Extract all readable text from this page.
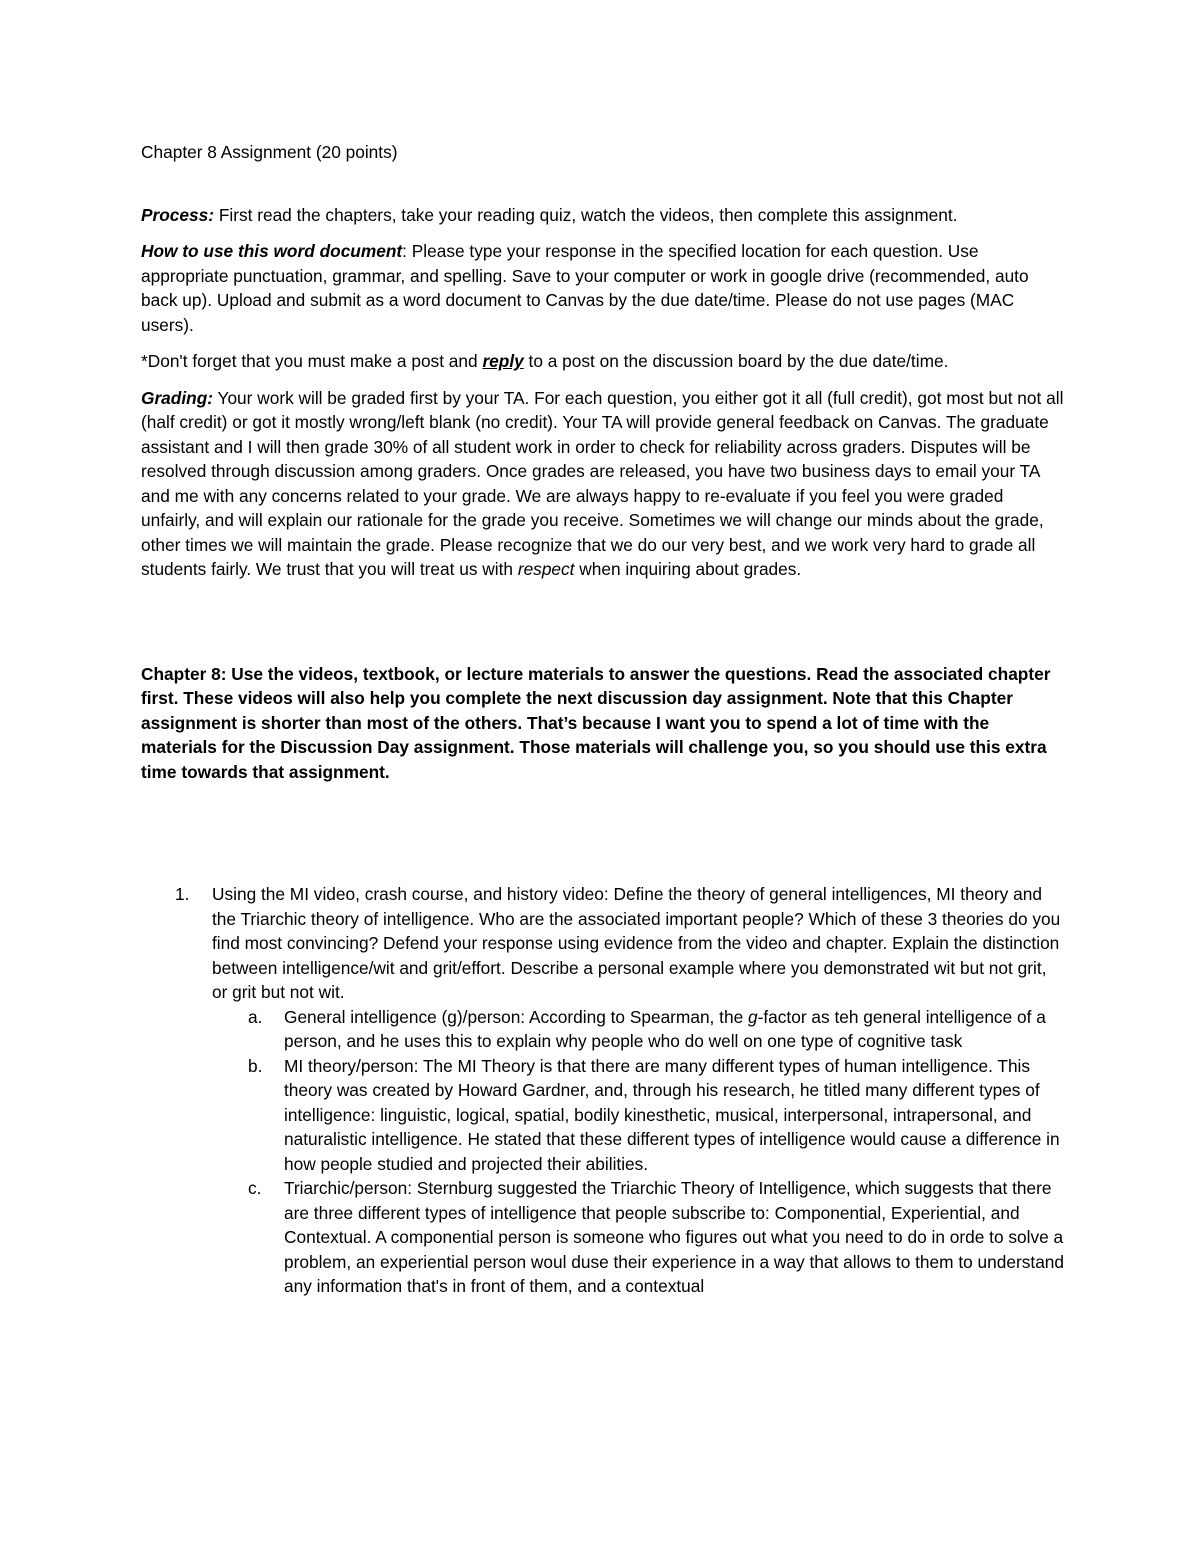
Chapter 8 Assignment (20 points)

Process: First read the chapters, take your reading quiz, watch the videos, then complete this assignment.

How to use this word document: Please type your response in the specified location for each question. Use appropriate punctuation, grammar, and spelling. Save to your computer or work in google drive (recommended, auto back up). Upload and submit as a word document to Canvas by the due date/time. Please do not use pages (MAC users).

*Don't forget that you must make a post and reply to a post on the discussion board by the due date/time.

Grading: Your work will be graded first by your TA. For each question, you either got it all (full credit), got most but not all (half credit) or got it mostly wrong/left blank (no credit). Your TA will provide general feedback on Canvas. The graduate assistant and I will then grade 30% of all student work in order to check for reliability across graders. Disputes will be resolved through discussion among graders. Once grades are released, you have two business days to email your TA and me with any concerns related to your grade. We are always happy to re-evaluate if you feel you were graded unfairly, and will explain our rationale for the grade you receive. Sometimes we will change our minds about the grade, other times we will maintain the grade. Please recognize that we do our very best, and we work very hard to grade all students fairly. We trust that you will treat us with respect when inquiring about grades.

Chapter 8: Use the videos, textbook, or lecture materials to answer the questions. Read the associated chapter first. These videos will also help you complete the next discussion day assignment. Note that this Chapter assignment is shorter than most of the others. That’s because I want you to spend a lot of time with the materials for the Discussion Day assignment. Those materials will challenge you, so you should use this extra time towards that assignment.

1. Using the MI video, crash course, and history video: Define the theory of general intelligences, MI theory and the Triarchic theory of intelligence. Who are the associated important people? Which of these 3 theories do you find most convincing? Defend your response using evidence from the video and chapter. Explain the distinction between intelligence/wit and grit/effort. Describe a personal example where you demonstrated wit but not grit, or grit but not wit.
a. General intelligence (g)/person: According to Spearman, the g-factor as teh general intelligence of a person, and he uses this to explain why people who do well on one type of cognitive task
b. MI theory/person: The MI Theory is that there are many different types of human intelligence. This theory was created by Howard Gardner, and, through his research, he titled many different types of intelligence: linguistic, logical, spatial, bodily kinesthetic, musical, interpersonal, intrapersonal, and naturalistic intelligence. He stated that these different types of intelligence would cause a difference in how people studied and projected their abilities.
c. Triarchic/person: Sternburg suggested the Triarchic Theory of Intelligence, which suggests that there are three different types of intelligence that people subscribe to: Componential, Experiential, and Contextual. A componential person is someone who figures out what you need to do in orde to solve a problem, an experiential person woul duse their experience in a way that allows to them to understand any information that's in front of them, and a contextual
